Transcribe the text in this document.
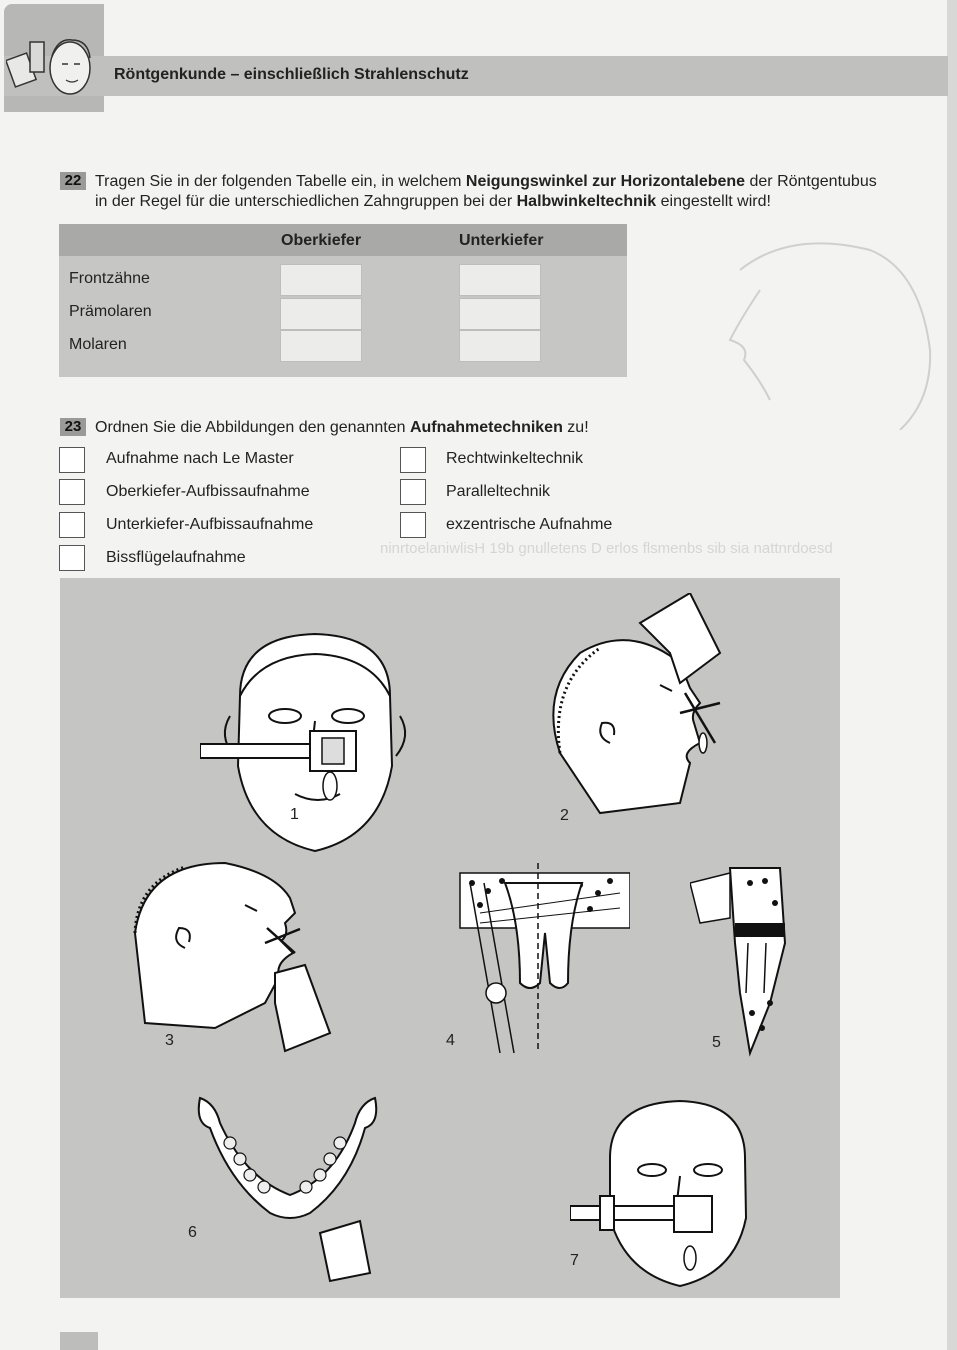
Röntgenkunde – einschließlich Strahlenschutz
ninrtoelaniwlisH 19b gnulletens D erlos flsmenbs sib sia nattnrdoesd
22 Tragen Sie in der folgenden Tabelle ein, in welchem Neigungswinkel zur Horizontalebene der Röntgentubus
in der Regel für die unterschiedlichen Zahngruppen bei der Halbwinkeltechnik eingestellt wird!
Oberkiefer	Unterkiefer
Frontzähne
Prämolaren
Molaren
23 Ordnen Sie die Abbildungen den genannten Aufnahmetechniken zu!
Aufnahme nach Le Master
Oberkiefer-Aufbissaufnahme
Unterkiefer-Aufbissaufnahme
Bissflügelaufnahme
Rechtwinkeltechnik
Paralleltechnik
exzentrische Aufnahme
1	2
3	4	5
6
7
